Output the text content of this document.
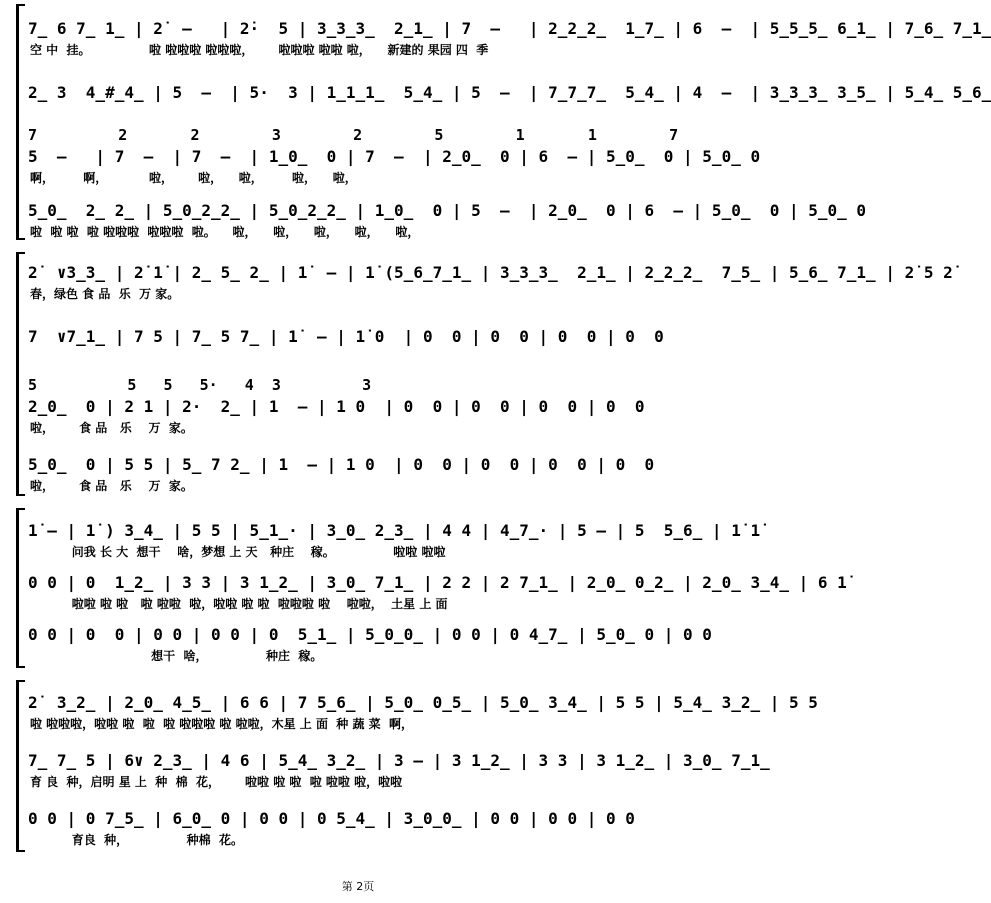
7̲ 6 7̲ 1̲ | 2̇  –   | 2̇·  5 | 3̲3̲3̲  2̲1̲ | 7  –   | 2̲2̲2̲  1̲7̲ | 6  –  | 5̲5̲5̲ 6̲1̲ | 7̲6̲ 7̲1̲
空 中  挂。              啦 啦啦啦 啦啦啦，      啦啦啦 啦啦 啦，    新建的 果园 四  季
2̲ 3  4̲#̲4̲ | 5  –  | 5·  3 | 1̲1̲1̲  5̲4̲ | 5  –  | 7̲7̲7̲  5̲4̲ | 4  –  | 3̲3̲3̲ 3̲5̲ | 5̲4̲ 5̲6̲
7         2       2        3        2        5        1       1        7
5  –   | 7  –  | 7  –  | 1̲0̲  0 | 7  –  | 2̲0̲  0 | 6  – | 5̲0̲  0 | 5̲0̲ 0
啊，       啊，          啦，      啦，    啦，       啦，    啦，
5̲0̲  2̲ 2̲ | 5̲0̲2̲2̲ | 5̲0̲2̲2̲ | 1̲0̲  0 | 5  –  | 2̲0̲  0 | 6  – | 5̲0̲  0 | 5̲0̲ 0
啦  啦 啦  啦 啦啦啦  啦啦啦  啦。    啦，    啦，    啦，    啦，    啦，
2̇  ∨3̲3̲ | 2̇ 1̇ | 2̲ 5̲ 2̲ | 1̇  – | 1̇ (5̲6̲7̲1̲ | 3̲3̲3̲  2̲1̲ | 2̲2̲2̲  7̲5̲ | 5̲6̲ 7̲1̲ | 2̇ 5 2̇
春，绿色 食 品  乐  万 家。
7  ∨7̲1̲ | 7 5 | 7̲ 5 7̲ | 1̇  – | 1̇ 0  | 0  0 | 0  0 | 0  0 | 0  0
5          5   5   5·   4  3         3
2̲0̲  0 | 2 1 | 2·  2̲ | 1  – | 1 0  | 0  0 | 0  0 | 0  0 | 0  0
啦，      食 品   乐    万  家。
5̲0̲  0 | 5 5 | 5̲ 7 2̲ | 1  – | 1 0  | 0  0 | 0  0 | 0  0 | 0  0
啦，      食 品   乐    万  家。
1̇ – | 1̇ ) 3̲4̲ | 5 5 | 5̲1̲· | 3̲0̲ 2̲3̲ | 4 4 | 4̲7̲· | 5 – | 5  5̲6̲ | 1̇ 1̇
问我 长 大  想干    啥，梦想 上 天   种庄    稼。              啦啦 啦啦
0 0 | 0  1̲2̲ | 3 3 | 3 1̲2̲ | 3̲0̲ 7̲1̲ | 2 2 | 2 7̲1̲ | 2̲0̲ 0̲2̲ | 2̲0̲ 3̲4̲ | 6 1̇
啦啦 啦 啦   啦 啦啦  啦，啦啦 啦 啦  啦啦啦 啦    啦啦，  土星 上 面
0 0 | 0  0 | 0 0 | 0 0 | 0  5̲1̲ | 5̲0̲0̲ | 0 0 | 0 4̲7̲ | 5̲0̲ 0 | 0 0
想干  啥，              种庄  稼。
2̇  3̲2̲ | 2̲0̲ 4̲5̲ | 6 6 | 7 5̲6̲ | 5̲0̲ 0̲5̲ | 5̲0̲ 3̲4̲ | 5 5 | 5̲4̲ 3̲2̲ | 5 5
啦 啦啦啦，啦啦 啦  啦  啦 啦啦啦 啦 啦啦，木星 上 面  种 蔬 菜  啊，
7̲ 7̲ 5 | 6∨ 2̲3̲ | 4 6 | 5̲4̲ 3̲2̲ | 3 – | 3 1̲2̲ | 3 3 | 3 1̲2̲ | 3̲0̲ 7̲1̲
育 良  种，启明 星 上  种  棉  花，      啦啦 啦 啦  啦 啦啦 啦，啦啦
0 0 | 0 7̲5̲ | 6̲0̲ 0 | 0 0 | 0 5̲4̲ | 3̲0̲0̲ | 0 0 | 0 0 | 0 0
育良  种，              种棉  花。
第 2页
